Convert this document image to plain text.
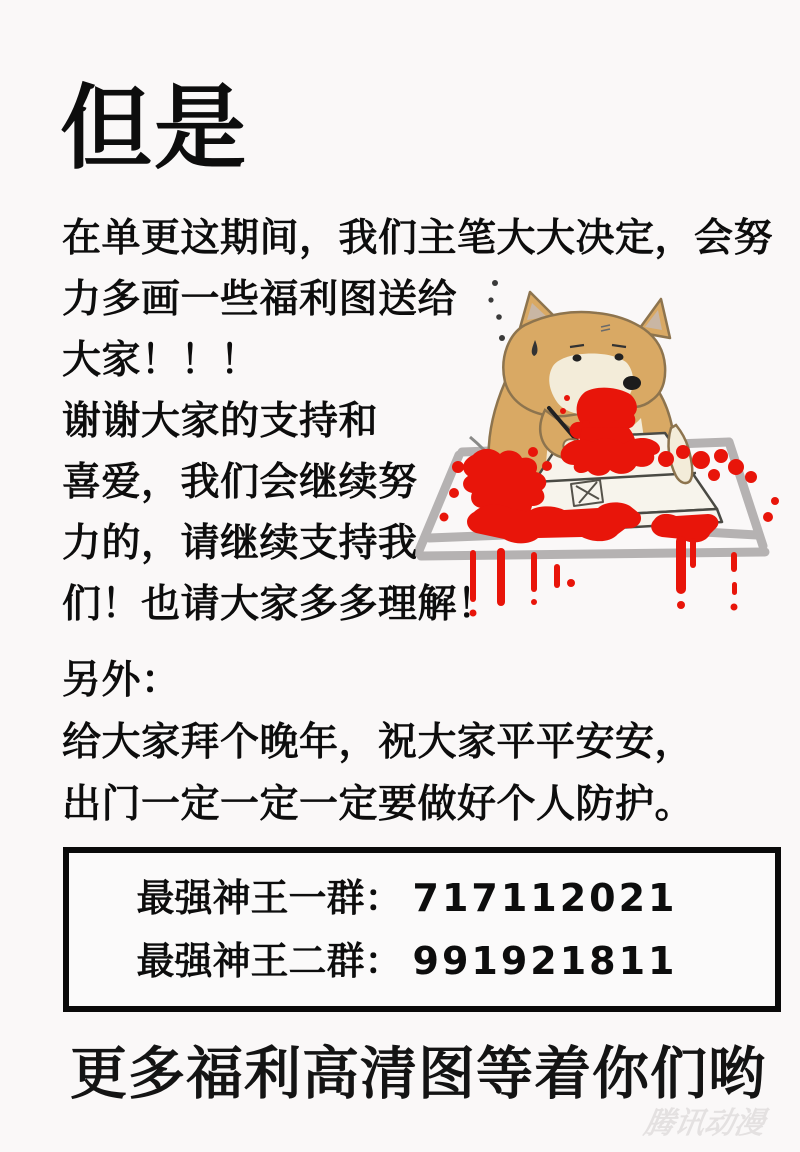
但是
在单更这期间，我们主笔大大决定，会努
力多画一些福利图送给
大家！！！
谢谢大家的支持和
喜爱，我们会继续努
力的，请继续支持我
们！也请大家多多理解！
另外：
给大家拜个晚年，祝大家平平安安，
出门一定一定一定要做好个人防护。
最强神王一群： 717112021
最强神王二群： 991921811
更多福利高清图等着你们哟
腾讯动漫
